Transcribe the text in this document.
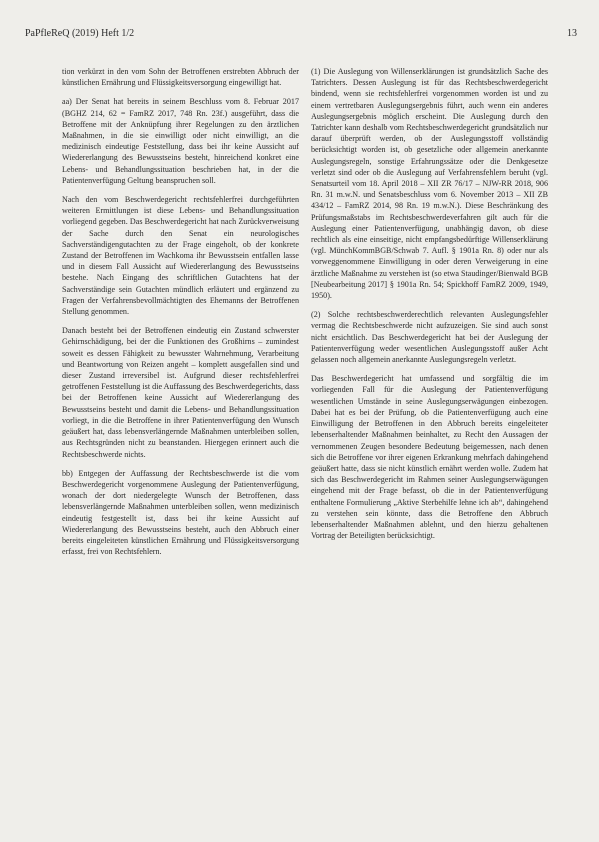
PaPfleReQ (2019) Heft 1/2	13

tion verkürzt in den vom Sohn der Betroffenen erstrebten Abbruch der künstlichen Ernährung und Flüssigkeitsversorgung eingewilligt hat.

aa) Der Senat hat bereits in seinem Beschluss vom 8. Februar 2017 (BGHZ 214, 62 = FamRZ 2017, 748 Rn. 23f.) ausgeführt, dass die Betroffene mit der Anknüpfung ihrer Regelungen zu den ärztlichen Maßnahmen, in die sie einwilligt oder nicht einwilligt, an die medizinisch eindeutige Feststellung, dass bei ihr keine Aussicht auf Wiedererlangung des Bewusstseins besteht, hinreichend konkret eine Lebens- und Behandlungssituation beschrieben hat, in der die Patientenverfügung Geltung beanspruchen soll.

Nach den vom Beschwerdegericht rechtsfehlerfrei durchgeführten weiteren Ermittlungen ist diese Lebens- und Behandlungssituation vorliegend gegeben. Das Beschwerdegericht hat nach Zurückverweisung der Sache durch den Senat ein neurologisches Sachverständigengutachten zu der Frage eingeholt, ob der konkrete Zustand der Betroffenen im Wachkoma ihr Bewusstsein entfallen lasse und in diesem Fall Aussicht auf Wiedererlangung des Bewusstseins bestehe. Nach Eingang des schriftlichen Gutachtens hat der Sachverständige sein Gutachten mündlich erläutert und ergänzend zu Fragen der Verfahrensbevollmächtigten des Ehemanns der Betroffenen Stellung genommen.

Danach besteht bei der Betroffenen eindeutig ein Zustand schwerster Gehirnschädigung, bei der die Funktionen des Großhirns – zumindest soweit es dessen Fähigkeit zu bewusster Wahrnehmung, Verarbeitung und Beantwortung von Reizen angeht – komplett ausgefallen sind und dieser Zustand irreversibel ist. Aufgrund dieser rechtsfehlerfrei getroffenen Feststellung ist die Auffassung des Beschwerdegerichts, dass bei der Betroffenen keine Aussicht auf Wiedererlangung des Bewusstseins besteht und damit die Lebens- und Behandlungssituation vorliegt, in die die Betroffene in ihrer Patientenverfügung den Wunsch geäußert hat, dass lebensverlängernde Maßnahmen unterbleiben sollen, aus Rechtsgründen nicht zu beanstanden. Hiergegen erinnert auch die Rechtsbeschwerde nichts.

bb) Entgegen der Auffassung der Rechtsbeschwerde ist die vom Beschwerdegericht vorgenommene Auslegung der Patientenverfügung, wonach der dort niedergelegte Wunsch der Betroffenen, dass lebensverlängernde Maßnahmen unterbleiben sollen, wenn medizinisch eindeutig festgestellt ist, dass bei ihr keine Aussicht auf Wiedererlangung des Bewusstseins besteht, auch den Abbruch einer bereits eingeleiteten künstlichen Ernährung und Flüssigkeitsversorgung erfasst, frei von Rechtsfehlern.

(1) Die Auslegung von Willenserklärungen ist grundsätzlich Sache des Tatrichters. Dessen Auslegung ist für das Rechtsbeschwerdegericht bindend, wenn sie rechtsfehlerfrei vorgenommen worden ist und zu einem vertretbaren Auslegungsergebnis führt, auch wenn ein anderes Auslegungsergebnis möglich erscheint. Die Auslegung durch den Tatrichter kann deshalb vom Rechtsbeschwerdegericht grundsätzlich nur darauf überprüft werden, ob der Auslegungsstoff vollständig berücksichtigt worden ist, ob gesetzliche oder allgemein anerkannte Auslegungsregeln, sonstige Erfahrungssätze oder die Denkgesetze verletzt sind oder ob die Auslegung auf Verfahrensfehlern beruht (vgl. Senatsurteil vom 18. April 2018 – XII ZR 76/17 – NJW-RR 2018, 906 Rn. 31 m.w.N. und Senatsbeschluss vom 6. November 2013 – XII ZB 434/12 – FamRZ 2014, 98 Rn. 19 m.w.N.). Diese Beschränkung des Prüfungsmaßstabs im Rechtsbeschwerdeverfahren gilt auch für die Auslegung einer Patientenverfügung, unabhängig davon, ob diese rechtlich als eine einseitige, nicht empfangsbedürftige Willenserklärung (vgl. MünchKommBGB/Schwab 7. Aufl. § 1901a Rn. 8) oder nur als vorweggenommene Einwilligung in oder deren Verweigerung in eine ärztliche Maßnahme zu verstehen ist (so etwa Staudinger/Bienwald BGB [Neubearbeitung 2017] § 1901a Rn. 54; Spickhoff FamRZ 2009, 1949, 1950).

(2) Solche rechtsbeschwerderechtlich relevanten Auslegungsfehler vermag die Rechtsbeschwerde nicht aufzuzeigen. Sie sind auch sonst nicht ersichtlich. Das Beschwerdegericht hat bei der Auslegung der Patientenverfügung weder wesentlichen Auslegungsstoff außer Acht gelassen noch allgemein anerkannte Auslegungsregeln verletzt.

Das Beschwerdegericht hat umfassend und sorgfältig die im vorliegenden Fall für die Auslegung der Patientenverfügung wesentlichen Umstände in seine Auslegungserwägungen einbezogen. Dabei hat es bei der Prüfung, ob die Patientenverfügung auch eine Einwilligung der Betroffenen in den Abbruch bereits eingeleiteter lebenserhaltender Maßnahmen beinhaltet, zu Recht den Aussagen der vernommenen Zeugen besondere Bedeutung beigemessen, nach denen sich die Betroffene vor ihrer eigenen Erkrankung mehrfach dahingehend geäußert hatte, dass sie nicht künstlich ernährt werden wolle. Zudem hat sich das Beschwerdegericht im Rahmen seiner Auslegungserwägungen eingehend mit der Frage befasst, ob die in der Patientenverfügung enthaltene Formulierung „Aktive Sterbehilfe lehne ich ab“, dahingehend zu verstehen sein könnte, dass die Betroffene den Abbruch lebenserhaltender Maßnahmen ablehnt, und den hierzu gehaltenen Vortrag der Beteiligten berücksichtigt.
